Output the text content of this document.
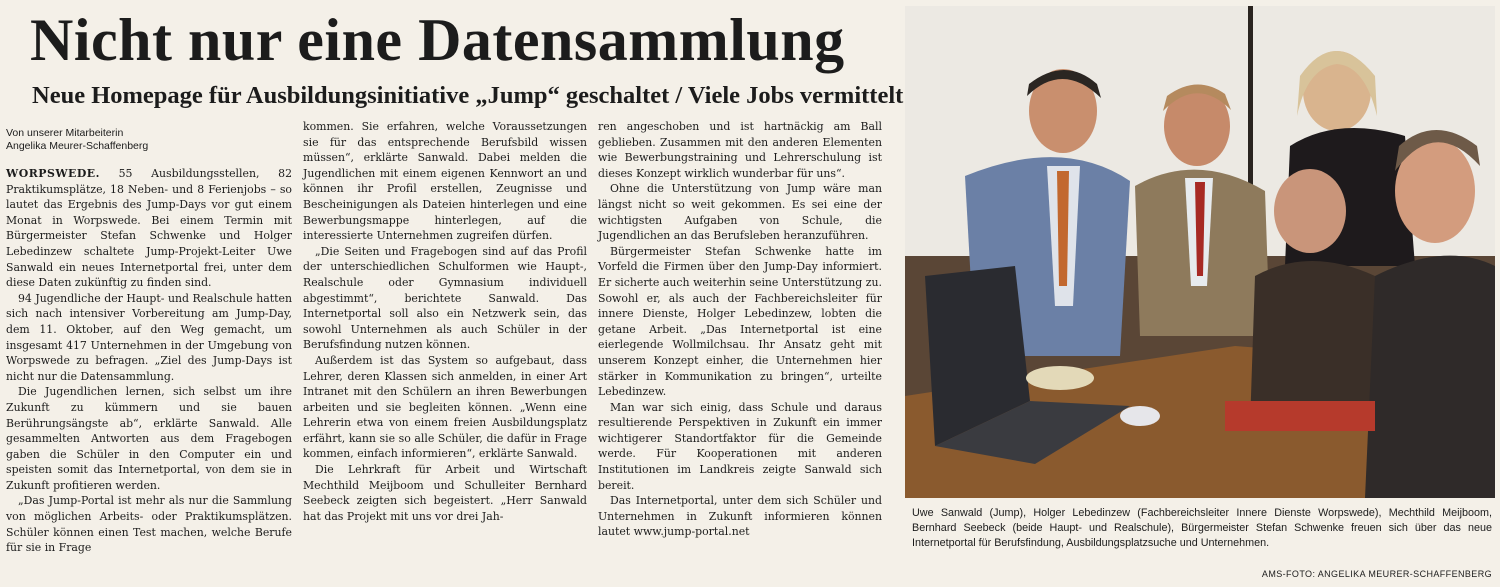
Nicht nur eine Datensammlung
Neue Homepage für Ausbildungsinitiative „Jump“ geschaltet / Viele Jobs vermittelt
Von unserer Mitarbeiterin
Angelika Meurer-Schaffenberg

WORPSWEDE. 55 Ausbildungsstellen, 82 Praktikumsplätze, 18 Neben- und 8 Ferienjobs – so lautet das Ergebnis des Jump-Days vor gut einem Monat in Worpswede. Bei einem Termin mit Bürgermeister Stefan Schwenke und Holger Lebedinzew schaltete Jump-Projekt-Leiter Uwe Sanwald ein neues Internetportal frei, unter dem diese Daten zukünftig zu finden sind.

94 Jugendliche der Haupt- und Realschule hatten sich nach intensiver Vorbereitung am Jump-Day, dem 11. Oktober, auf den Weg gemacht, um insgesamt 417 Unternehmen in der Umgebung von Worpswede zu befragen. „Ziel des Jump-Days ist nicht nur die Datensammlung.

Die Jugendlichen lernen, sich selbst um ihre Zukunft zu kümmern und sie bauen Berührungsängste ab“, erklärte Sanwald. Alle gesammelten Antworten aus dem Fragebogen gaben die Schüler in den Computer ein und speisten somit das Internetportal, von dem sie in Zukunft profitieren werden.

„Das Jump-Portal ist mehr als nur die Sammlung von möglichen Arbeits- oder Praktikumsplätzen. Schüler können einen Test machen, welche Berufe für sie in Frage

kommen. Sie erfahren, welche Voraussetzungen sie für das entsprechende Berufsbild wissen müssen“, erklärte Sanwald. Dabei melden die Jugendlichen mit einem eigenen Kennwort an und können ihr Profil erstellen, Zeugnisse und Bescheinigungen als Dateien hinterlegen und eine Bewerbungsmappe hinterlegen, auf die interessierte Unternehmen zugreifen dürfen.

„Die Seiten und Fragebogen sind auf das Profil der unterschiedlichen Schulformen wie Haupt-, Realschule oder Gymnasium individuell abgestimmt“, berichtete Sanwald. Das Internetportal soll also ein Netzwerk sein, das sowohl Unternehmen als auch Schüler in der Berufsfindung nutzen können.

Außerdem ist das System so aufgebaut, dass Lehrer, deren Klassen sich anmelden, in einer Art Intranet mit den Schülern an ihren Bewerbungen arbeiten und sie begleiten können. „Wenn eine Lehrerin etwa von einem freien Ausbildungsplatz erfährt, kann sie so alle Schüler, die dafür in Frage kommen, einfach informieren“, erklärte Sanwald.

Die Lehrkraft für Arbeit und Wirtschaft Mechthild Meijboom und Schulleiter Bernhard Seebeck zeigten sich begeistert. „Herr Sanwald hat das Projekt mit uns vor drei Jah-

ren angeschoben und ist hartnäckig am Ball geblieben. Zusammen mit den anderen Elementen wie Bewerbungstraining und Lehrerschulung ist dieses Konzept wirklich wunderbar für uns“.

Ohne die Unterstützung von Jump wäre man längst nicht so weit gekommen. Es sei eine der wichtigsten Aufgaben von Schule, die Jugendlichen an das Berufsleben heranzuführen.

Bürgermeister Stefan Schwenke hatte im Vorfeld die Firmen über den Jump-Day informiert. Er sicherte auch weiterhin seine Unterstützung zu. Sowohl er, als auch der Fachbereichsleiter für innere Dienste, Holger Lebedinzew, lobten die getane Arbeit. „Das Internetportal ist eine eierlegende Wollmilchsau. Ihr Ansatz geht mit unserem Konzept einher, die Unternehmen hier stärker in Kommunikation zu bringen“, urteilte Lebedinzew.

Man war sich einig, dass Schule und daraus resultierende Perspektiven in Zukunft ein immer wichtigerer Standortfaktor für die Gemeinde werde. Für Kooperationen mit anderen Institutionen im Landkreis zeigte Sanwald sich bereit.

Das Internetportal, unter dem sich Schüler und Unternehmen in Zukunft informieren können lautet www.jump-portal.net

Uwe Sanwald (Jump), Holger Lebedinzew (Fachbereichsleiter Innere Dienste Worpswede), Mechthild Meijboom, Bernhard Seebeck (beide Haupt- und Realschule), Bürgermeister Stefan Schwenke freuen sich über das neue Internetportal für Berufsfindung, Ausbildungsplatzsuche und Unternehmen.
AMS-FOTO: ANGELIKA MEURER-SCHAFFENBERG
